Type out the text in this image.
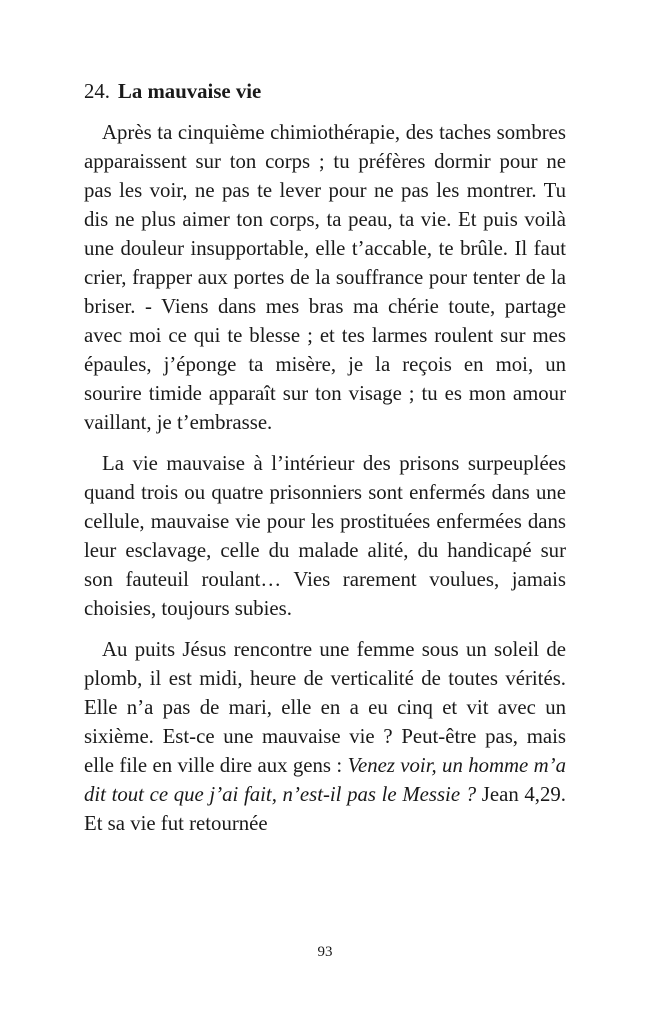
24. La mauvaise vie

Après ta cinquième chimiothérapie, des taches sombres apparaissent sur ton corps ; tu préfères dormir pour ne pas les voir, ne pas te lever pour ne pas les montrer. Tu dis ne plus aimer ton corps, ta peau, ta vie. Et puis voilà une douleur insupportable, elle t’accable, te brûle. Il faut crier, frapper aux portes de la souffrance pour tenter de la briser. - Viens dans mes bras ma chérie toute, partage avec moi ce qui te blesse ; et tes larmes roulent sur mes épaules, j’éponge ta misère, je la reçois en moi, un sourire timide apparaît sur ton visage ; tu es mon amour vaillant, je t’embrasse.

La vie mauvaise à l’intérieur des prisons surpeuplées quand trois ou quatre prisonniers sont enfermés dans une cellule, mauvaise vie pour les prostituées enfermées dans leur esclavage, celle du malade alité, du handicapé sur son fauteuil roulant… Vies rarement voulues, jamais choisies, toujours subies.

Au puits Jésus rencontre une femme sous un soleil de plomb, il est midi, heure de verticalité de toutes vérités. Elle n’a pas de mari, elle en a eu cinq et vit avec un sixième. Est-ce une mauvaise vie ? Peut-être pas, mais elle file en ville dire aux gens : Venez voir, un homme m’a dit tout ce que j’ai fait, n’est-il pas le Messie ? Jean 4,29. Et sa vie fut retournée

93
